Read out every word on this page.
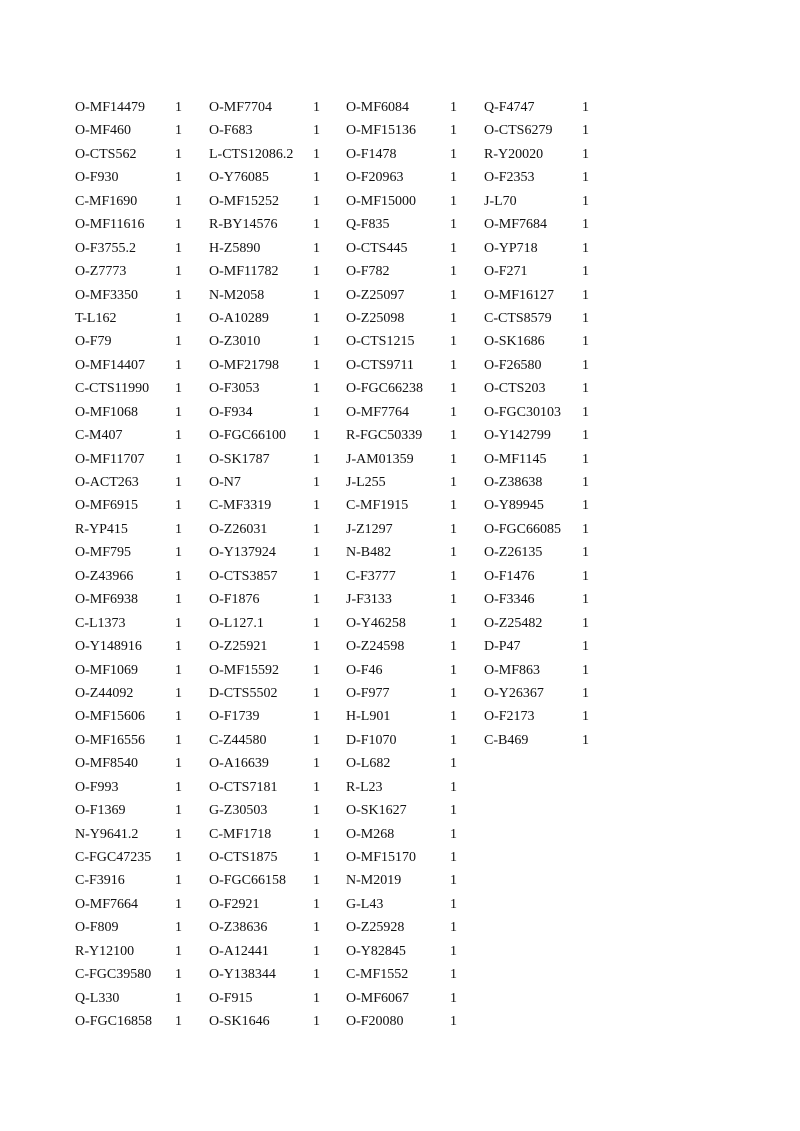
O-MF14479 1
O-MF460	1
O-CTS562	1
O-F930	1
C-MF1690	1
O-MF11616 1
O-F3755.2	1
O-Z7773	1
O-MF3350	1
T-L162	1
O-F79	1
O-MF14407 1
C-CTS11990 1
O-MF1068	1
C-M407	1
O-MF11707 1
O-ACT263	1
O-MF6915	1
R-YP415	1
O-MF795	1
O-Z43966	1
O-MF6938	1
C-L1373	1
O-Y148916 1
O-MF1069	1
O-Z44092	1
O-MF15606 1
O-MF16556 1
O-MF8540	1
O-F993	1
O-F1369	1
N-Y9641.2	1
C-FGC47235 1
C-F3916	1
O-MF7664	1
O-F809	1
R-Y12100	1
C-FGC39580 1
Q-L330	1
O-FGC16858 1
O-MF7704	1
O-F683	1
L-CTS12086.2 1
O-Y76085	1
O-MF15252 1
R-BY14576	1
H-Z5890	1
O-MF11782 1
N-M2058	1
O-A10289	1
O-Z3010	1
O-MF21798 1
O-F3053	1
O-F934	1
O-FGC66100 1
O-SK1787	1
O-N7	1
C-MF3319	1
O-Z26031	1
O-Y137924	1
O-CTS3857	1
O-F1876	1
O-L127.1	1
O-Z25921	1
O-MF15592 1
D-CTS5502	1
O-F1739	1
C-Z44580	1
O-A16639	1
O-CTS7181	1
G-Z30503	1
C-MF1718	1
O-CTS1875	1
O-FGC66158 1
O-F2921	1
O-Z38636	1
O-A12441	1
O-Y138344	1
O-F915	1
O-SK1646	1
O-MF6084	1
O-MF15136 1
O-F1478	1
O-F20963	1
O-MF15000 1
Q-F835	1
O-CTS445	1
O-F782	1
O-Z25097	1
O-Z25098	1
O-CTS1215	1
O-CTS9711	1
O-FGC66238 1
O-MF7764	1
R-FGC50339 1
J-AM01359	1
J-L255	1
C-MF1915	1
J-Z1297	1
N-B482	1
C-F3777	1
J-F3133	1
O-Y46258	1
O-Z24598	1
O-F46	1
O-F977	1
H-L901	1
D-F1070	1
O-L682	1
R-L23	1
O-SK1627	1
O-M268	1
O-MF15170 1
N-M2019	1
G-L43	1
O-Z25928	1
O-Y82845	1
C-MF1552	1
O-MF6067	1
O-F20080	1
Q-F4747	1
O-CTS6279 1
R-Y20020	1
O-F2353	1
J-L70	1
O-MF7684 1
O-YP718	1
O-F271	1
O-MF16127 1
C-CTS8579 1
O-SK1686	1
O-F26580	1
O-CTS203	1
O-FGC30103 1
O-Y142799 1
O-MF1145	1
O-Z38638	1
O-Y89945	1
O-FGC66085 1
O-Z26135	1
O-F1476	1
O-F3346	1
O-Z25482	1
D-P47	1
O-MF863	1
O-Y26367	1
O-F2173	1
C-B469	1
